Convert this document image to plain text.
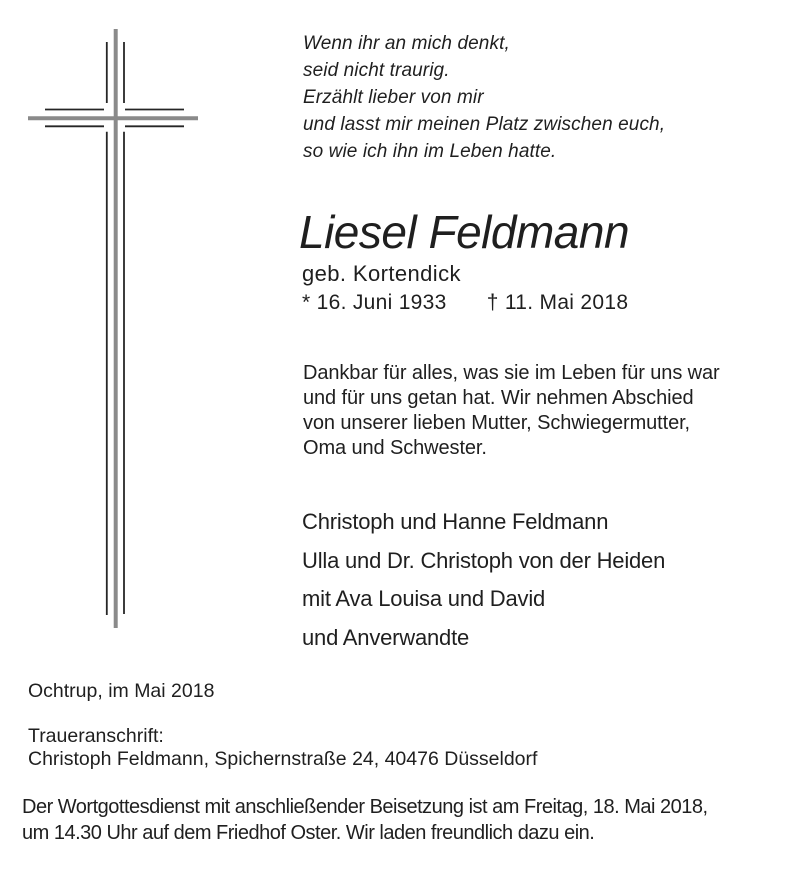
Wenn ihr an mich denkt,
seid nicht traurig.
Erzählt lieber von mir
und lasst mir meinen Platz zwischen euch,
so wie ich ihn im Leben hatte.
Liesel Feldmann
geb. Kortendick
* 16. Juni 1933 † 11. Mai 2018
Dankbar für alles, was sie im Leben für uns war
und für uns getan hat. Wir nehmen Abschied
von unserer lieben Mutter, Schwiegermutter,
Oma und Schwester.
Christoph und Hanne Feldmann
Ulla und Dr. Christoph von der Heiden
mit Ava Louisa und David
und Anverwandte
Ochtrup, im Mai 2018
Traueranschrift:
Christoph Feldmann, Spichernstraße 24, 40476 Düsseldorf
Der Wortgottesdienst mit anschließender Beisetzung ist am Freitag, 18. Mai 2018,
um 14.30 Uhr auf dem Friedhof Oster. Wir laden freundlich dazu ein.
